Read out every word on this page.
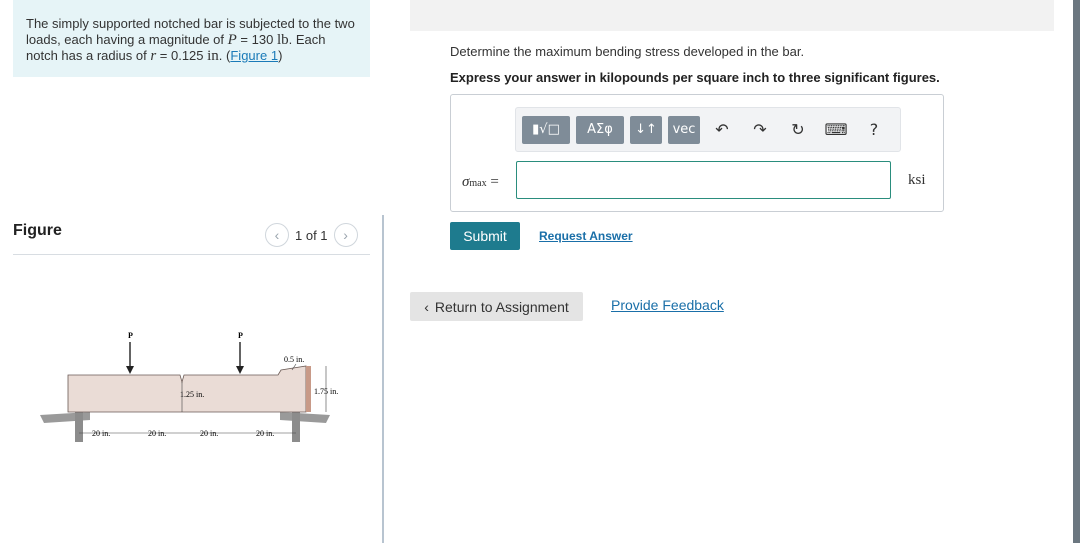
The simply supported notched bar is subjected to the two loads, each having a magnitude of P = 130 lb. Each notch has a radius of r = 0.125 in. (Figure 1)
Figure	‹	1 of 1	›
P	P
0.5 in.
1.25 in.	1.75 in.
20 in.	20 in.	20 in.	20 in.
Determine the maximum bending stress developed in the bar.
Express your answer in kilopounds per square inch to three significant figures.
▮√□	ΑΣφ	↓↑	vec	↶	↷	↻	⌨	?
σmax =	ksi
Submit	Request Answer
‹ Return to Assignment	Provide Feedback
